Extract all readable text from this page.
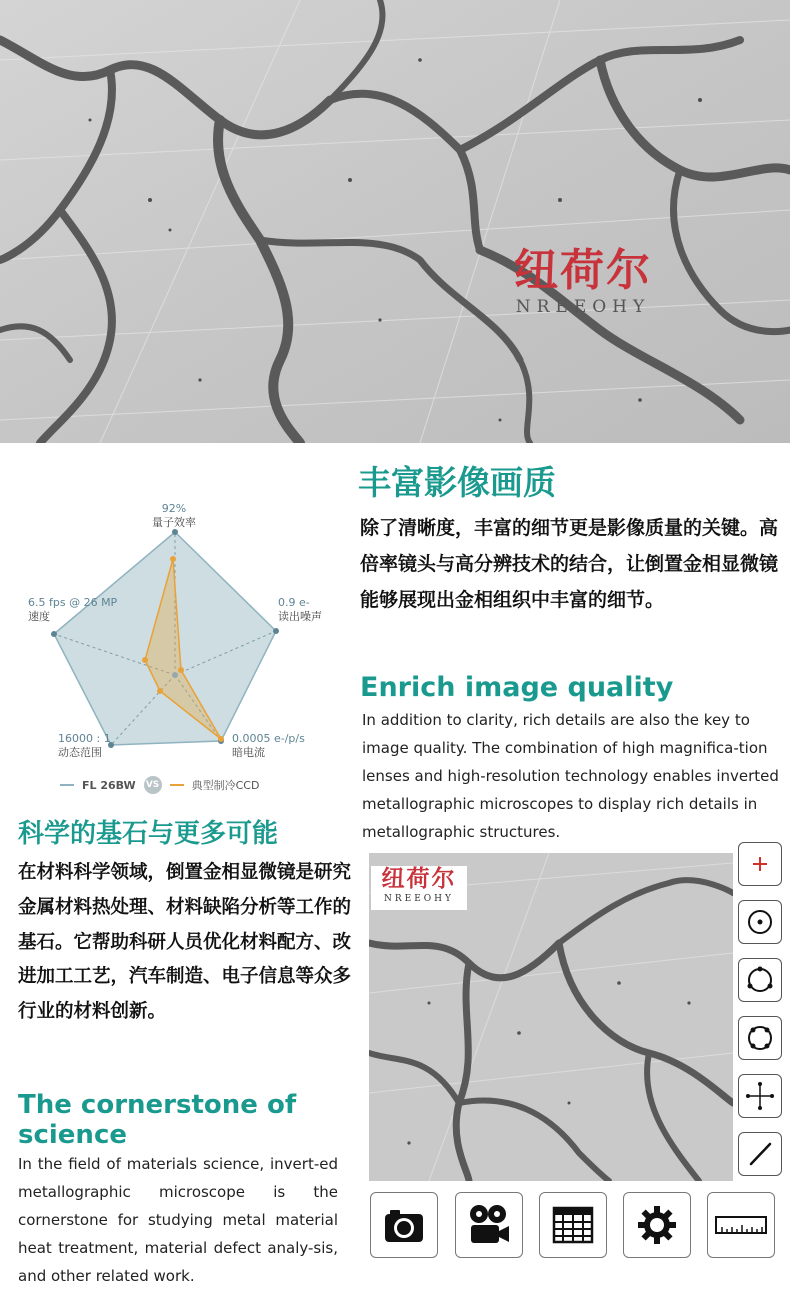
纽荷尔
NREEOHY
92%
量子效率
0.9 e-
读出噪声
0.0005 e-/p/s
暗电流
16000 : 1
动态范围
6.5 fps @ 26 MP
速度
FL 26BW VS	典型制冷CCD
丰富影像画质
除了清晰度，丰富的细节更是影像质量的关键。高倍率镜头与高分辨技术的结合，让倒置金相显微镜能够展现出金相组织中丰富的细节。
Enrich image quality
In addition to clarity, rich details are also the key to image quality. The combination of high magnifica-tion lenses and high-resolution technology enables inverted metallographic microscopes to display rich details in metallographic structures.
科学的基石与更多可能
在材料科学领域，倒置金相显微镜是研究金属材料热处理、材料缺陷分析等工作的基石。它帮助科研人员优化材料配方、改进加工工艺，汽车制造、电子信息等众多行业的材料创新。
The cornerstone of science
In the field of materials science, invert-ed metallographic microscope is the cornerstone for studying metal material heat treatment, material defect analy-sis, and other related work.
纽荷尔
NREEOHY
